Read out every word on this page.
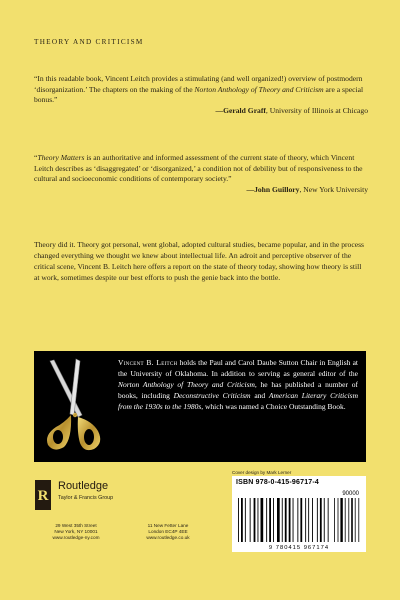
THEORY AND CRITICISM

“In this readable book, Vincent Leitch provides a stimulating (and well organized!) overview of postmodern ‘disorganization.’ The chapters on the making of the Norton Anthology of Theory and Criticism are a special bonus.”

—Gerald Graff, University of Illinois at Chicago

“Theory Matters is an authoritative and informed assessment of the current state of theory, which Vincent Leitch describes as ‘disaggregated’ or ‘disorganized,’ a condition not of debility but of responsiveness to the cultural and socioeconomic conditions of contemporary society.”

—John Guillory, New York University

Theory did it. Theory got personal, went global, adopted cultural studies, became popular, and in the process changed everything we thought we knew about intellectual life. An adroit and perceptive observer of the critical scene, Vincent B. Leitch here offers a report on the state of theory today, showing how theory is still at work, sometimes despite our best efforts to push the genie back into the bottle.

Vincent B. Leitch holds the Paul and Carol Daube Sutton Chair in English at the University of Oklahoma. In addition to serving as general editor of the Norton Anthology of Theory and Criticism, he has published a number of books, including Deconstructive Criticism and American Literary Criticism from the 1930s to the 1980s, which was named a Choice Outstanding Book.

Cover design by Mark Lerner
R
Routledge
Taylor & Francis Group
29 West 35th Street
New York, NY 10001
www.routledge-ny.com
11 New Fetter Lane
London EC4P 4EE
www.routledge.co.uk
ISBN 978-0-415-96717-4
90000
9 780415 967174
